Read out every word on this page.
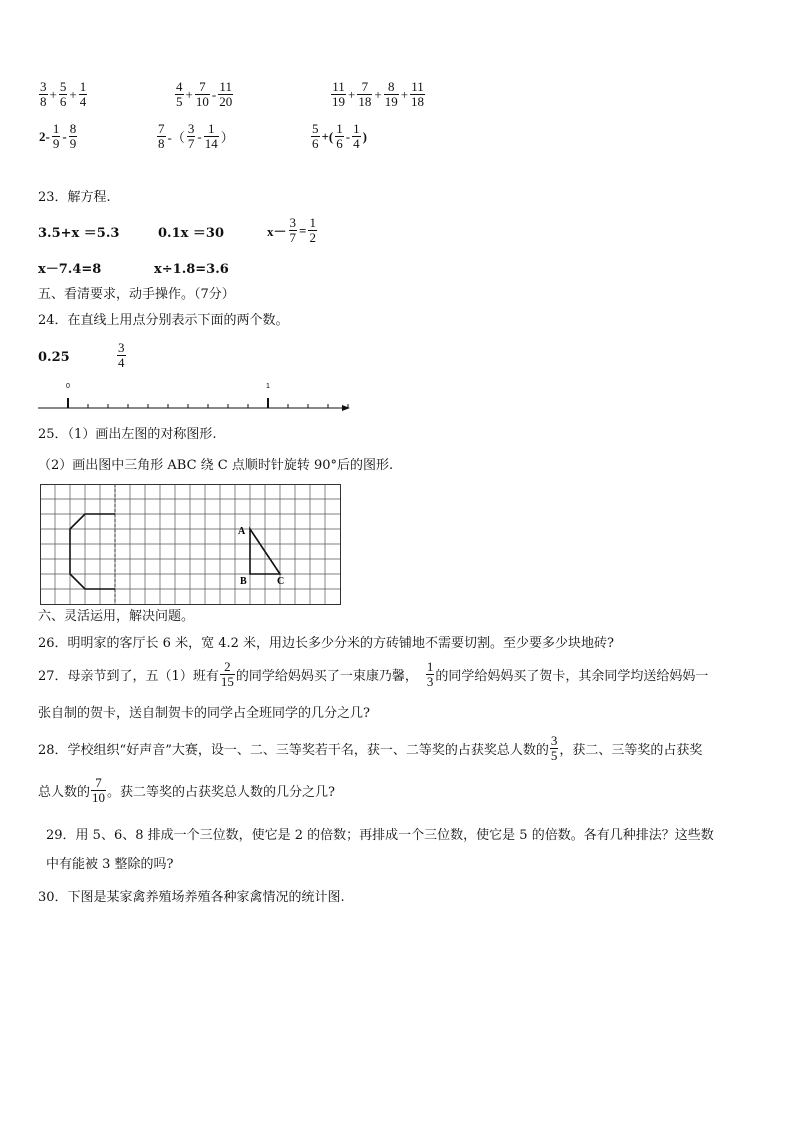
$\frac{3}{8} + \frac{5}{6} + \frac{1}{4}$	$\frac{4}{5} + \frac{7}{10} - \frac{11}{20}$	$\frac{11}{19} + \frac{7}{18} + \frac{8}{19} + \frac{11}{18}$
$2- \frac{1}{9} - \frac{8}{9}$	$\frac{7}{8}$ -（ $\frac{3}{7} - \frac{1}{14}$ ）	$\frac{5}{6}$ +( $\frac{1}{6} - \frac{1}{4}$ )
23．解方程.
3.5+x ＝5.3	0.1x ＝30	$x- \frac{3}{7} = \frac{1}{2}$
x－7.4=8	x÷1.8=3.6
五、看清要求，动手操作。（7分）
24．在直线上用点分别表示下面的两个数。
0.25	$\frac{3}{4}$
0	1
25．（1）画出左图的对称图形.
（2）画出图中三角形 ABC 绕 C 点顺时针旋转 90°后的图形.
A
B	C
六、灵活运用，解决问题。
26．明明家的客厅长 6 米，宽 4.2 米，用边长多少分米的方砖铺地不需要切割。至少要多少块地砖?
27．母亲节到了，五（1）班有 $\frac{2}{15}$ 的同学给妈妈买了一束康乃馨， $\frac{1}{3}$ 的同学给妈妈买了贺卡，其余同学均送给妈妈一
张自制的贺卡，送自制贺卡的同学占全班同学的几分之几?
28．学校组织“好声音”大赛，设一、二、三等奖若干名，获一、二等奖的占获奖总人数的 $\frac{3}{5}$ ，获二、三等奖的占获奖
总人数的 $\frac{7}{10}$ 。获二等奖的占获奖总人数的几分之几?
29．用 5、6、8 排成一个三位数，使它是 2 的倍数；再排成一个三位数，使它是 5 的倍数。各有几种排法？这些数
中有能被 3 整除的吗?
30．下图是某家禽养殖场养殖各种家禽情况的统计图.
